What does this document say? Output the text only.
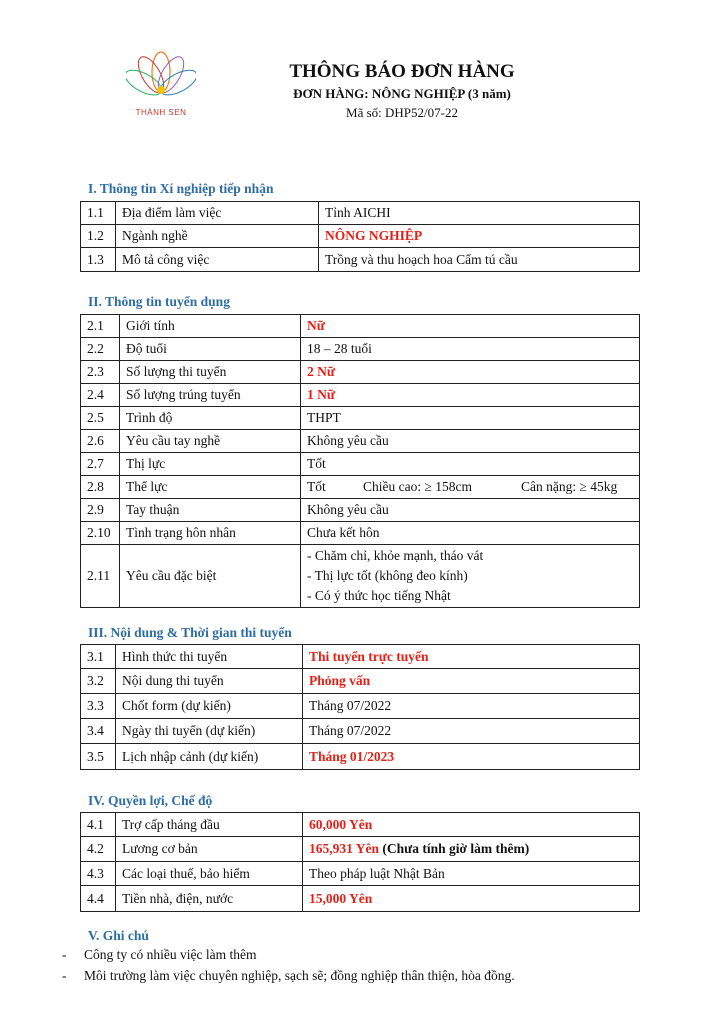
THÀNH SEN
THÔNG BÁO ĐƠN HÀNG
ĐƠN HÀNG: NÔNG NGHIỆP (3 năm)
Mã số: DHP52/07-22
I. Thông tin Xí nghiệp tiếp nhận
1.1	Địa điểm làm việc	Tỉnh AICHI
1.2	Ngành nghề	NÔNG NGHIỆP
1.3	Mô tả công việc	Trồng và thu hoạch hoa Cẩm tú cầu
II. Thông tin tuyển dụng
2.1	Giới tính	Nữ
2.2	Độ tuổi	18 – 28 tuổi
2.3	Số lượng thi tuyển	2 Nữ
2.4	Số lượng trúng tuyển	1 Nữ
2.5	Trình độ	THPT
2.6	Yêu cầu tay nghề	Không yêu cầu
2.7	Thị lực	Tốt
2.8	Thể lực	Tốt Chiều cao: ≥ 158cm Cân nặng: ≥ 45kg
2.9	Tay thuận	Không yêu cầu
2.10	Tình trạng hôn nhân	Chưa kết hôn
2.11	Yêu cầu đặc biệt	- Chăm chỉ, khỏe mạnh, tháo vát
- Thị lực tốt (không đeo kính)
- Có ý thức học tiếng Nhật
III. Nội dung & Thời gian thi tuyển
3.1	Hình thức thi tuyển	Thi tuyển trực tuyến
3.2	Nội dung thi tuyển	Phỏng vấn
3.3	Chốt form (dự kiến)	Tháng 07/2022
3.4	Ngày thi tuyển (dự kiến)	Tháng 07/2022
3.5	Lịch nhập cảnh (dự kiến)	Tháng 01/2023
IV. Quyền lợi, Chế độ
4.1	Trợ cấp tháng đầu	60,000 Yên
4.2	Lương cơ bản	165,931 Yên (Chưa tính giờ làm thêm)
4.3	Các loại thuế, bảo hiểm	Theo pháp luật Nhật Bản
4.4	Tiền nhà, điện, nước	15,000 Yên
V. Ghi chú
- Công ty có nhiều việc làm thêm
- Môi trường làm việc chuyên nghiệp, sạch sẽ; đồng nghiệp thân thiện, hòa đồng.
